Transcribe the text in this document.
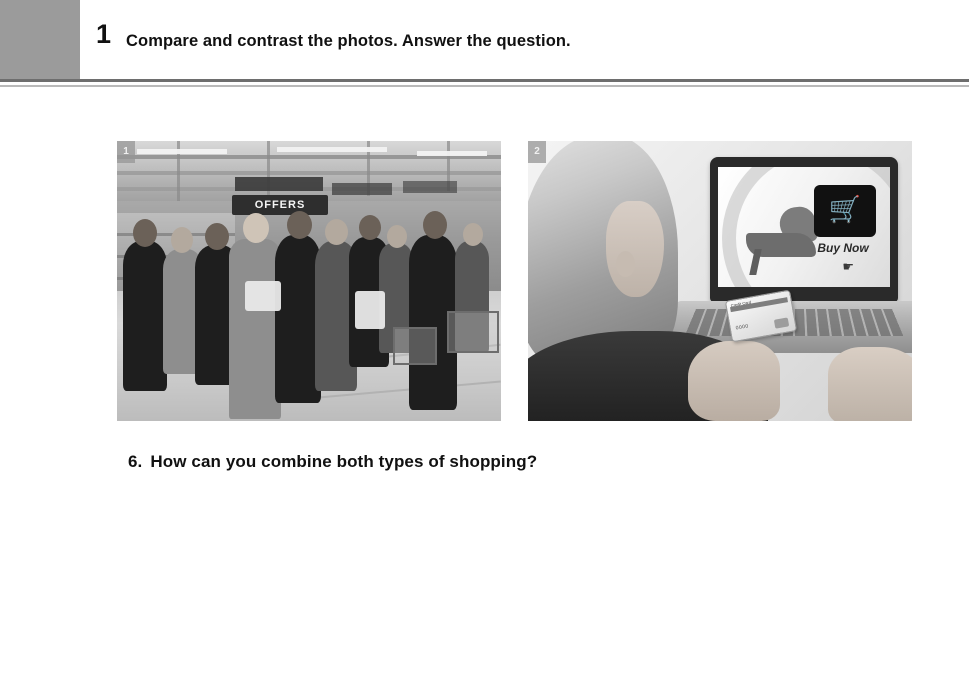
1 Compare and contrast the photos. Answer the question.
1
OFFERS
2
🛒
Buy Now
☛
Credit Card
0000
6. How can you combine both types of shopping?
